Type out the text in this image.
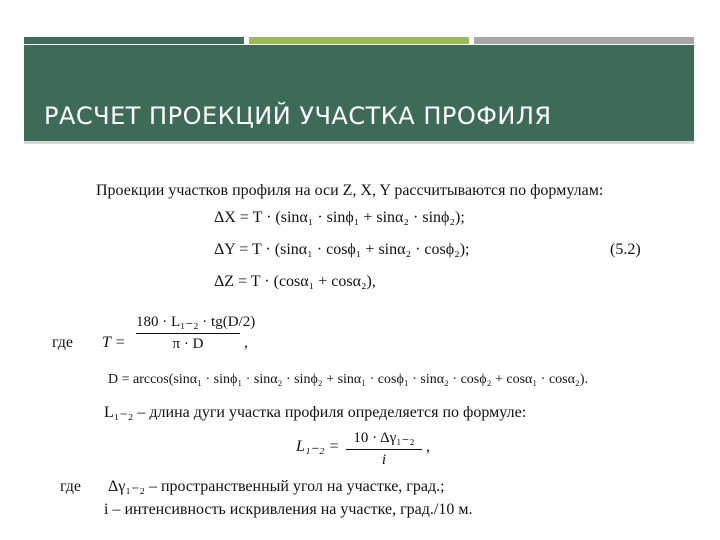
РАСЧЕТ ПРОЕКЦИЙ УЧАСТКА ПРОФИЛЯ
Проекции участков профиля на оси Z, X, Y рассчитываются по формулам:
ΔX = T · (sinα₁ · sinϕ₁ + sinα₂ · sinϕ₂);
ΔY = T · (sinα₁ · cosϕ₁ + sinα₂ · cosϕ₂);	(5.2)
ΔZ = T · (cosα₁ + cosα₂),
где T =
180 · L₁₋₂ · tg(D/2)
π · D	,
D = arccos(sinα₁ · sinϕ₁ · sinα₂ · sinϕ₂ + sinα₁ · cosϕ₁ · sinα₂ · cosϕ₂ + cosα₁ · cosα₂).
L₁₋₂ – длина дуги участка профиля определяется по формуле:
L₁₋₂ = 10 · Δγ₁₋₂
i
,
где Δγ₁₋₂ – пространственный угол на участке, град.;
i – интенсивность искривления на участке, град./10 м.
